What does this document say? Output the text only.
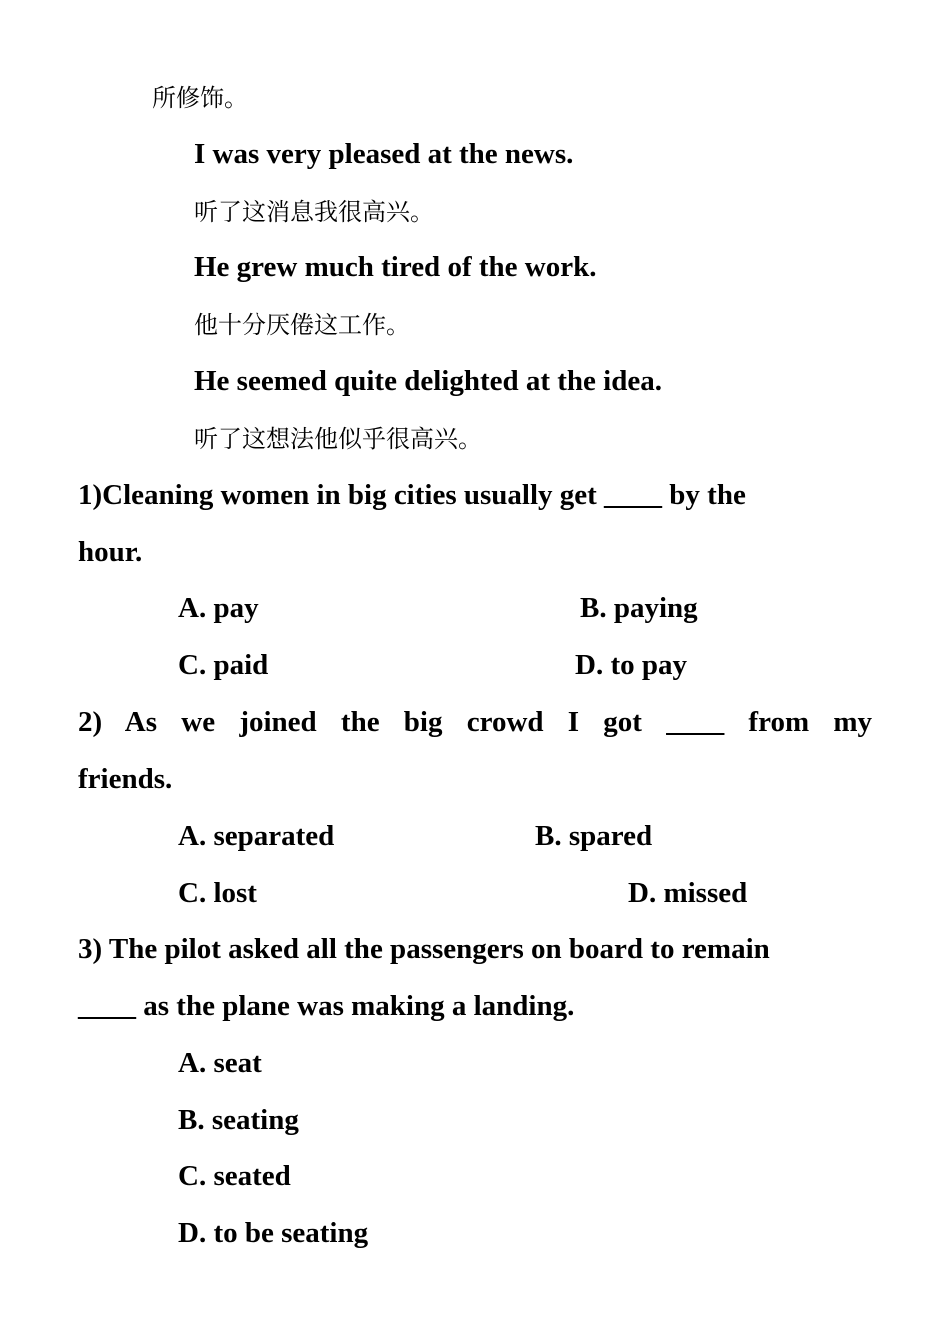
所修饰。
I was very pleased at the news.
听了这消息我很高兴。
He grew much tired of the work.
他十分厌倦这工作。
He seemed quite delighted at the idea.
听了这想法他似乎很高兴。
1)Cleaning women in big cities usually get ____ by the
hour.
A. pay	B. paying
C. paid	D. to pay
2) As we joined the big crowd I got ____ from my
friends.
A. separated	B. spared
C. lost	D. missed
3) The pilot asked all the passengers on board to remain
____ as the plane was making a landing.
A. seat
B. seating
C. seated
D. to be seating
